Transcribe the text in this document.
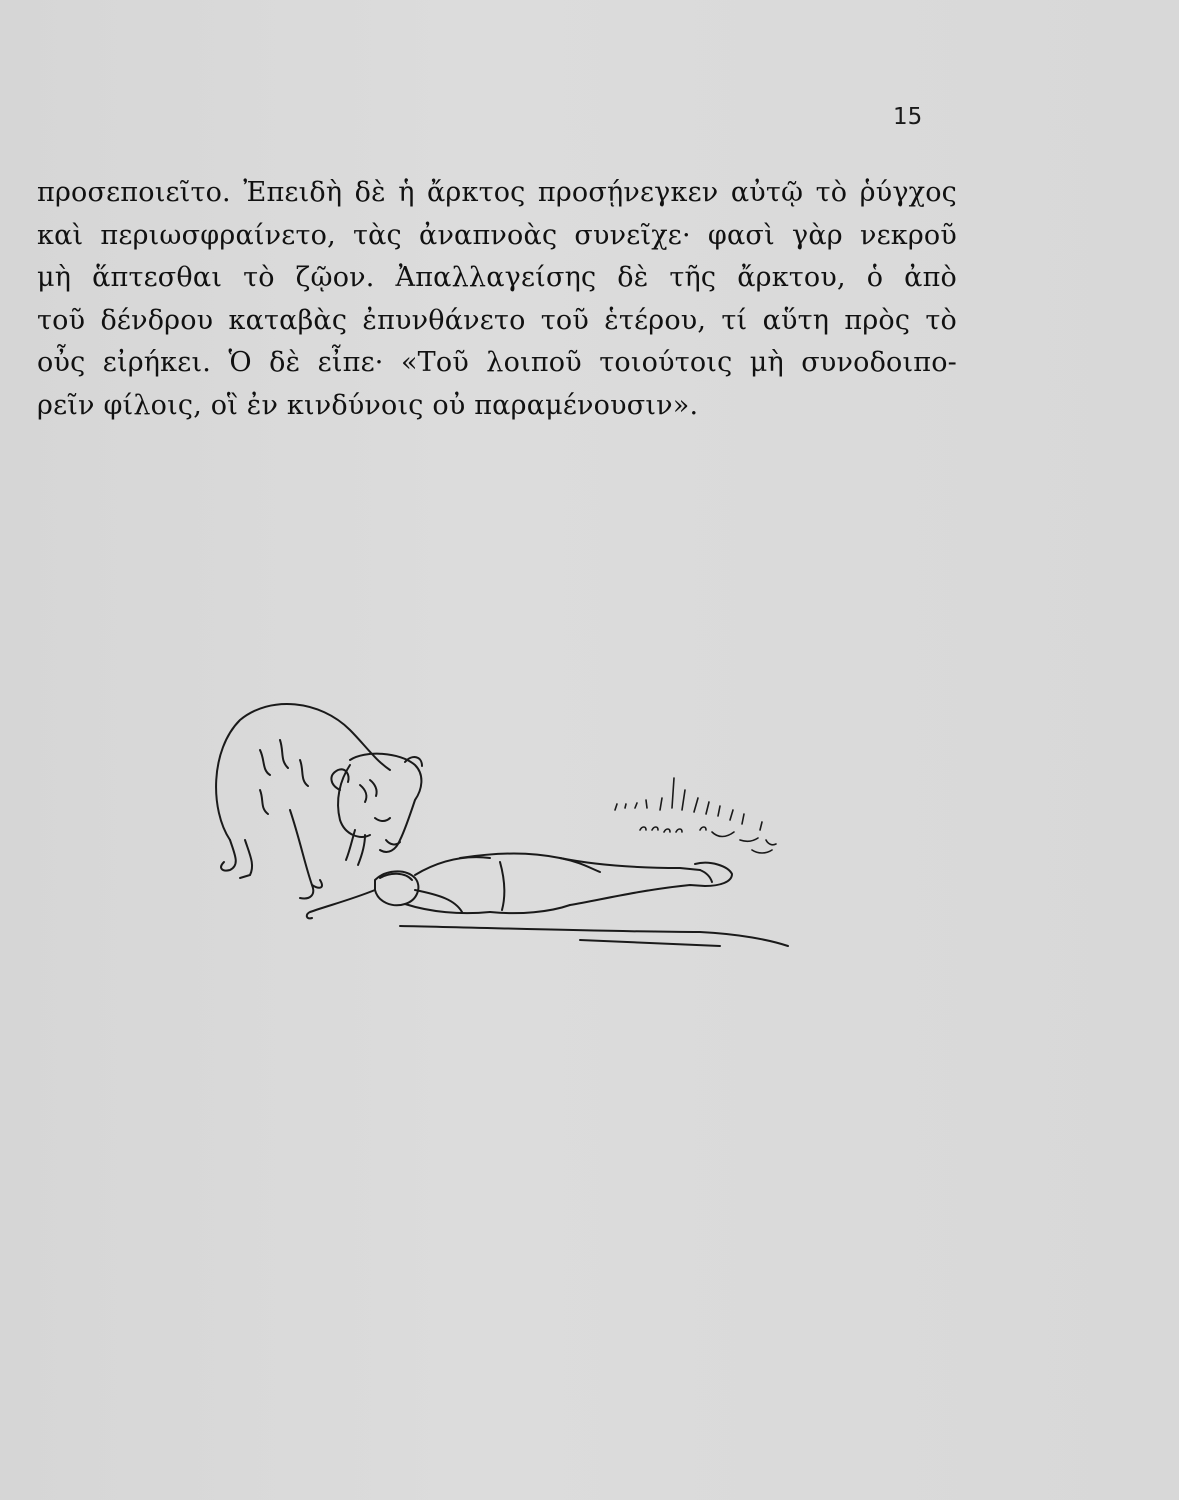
15
προσεποιεῖτο. Ἐπειδὴ δὲ ἡ ἄρκτος προσῄνεγκεν αὐτῷ τὸ ῥύγχος
καὶ περιωσφραίνετο, τὰς ἀναπνοὰς συνεῖχε· φασὶ γὰρ νεκροῦ
μὴ ἅπτεσθαι τὸ ζῷον. Ἀπαλλαγείσης δὲ τῆς ἄρκτου, ὁ ἀπὸ
τοῦ δένδρου καταβὰς ἐπυνθάνετο τοῦ ἑτέρου, τί αὕτη πρὸς τὸ
οὖς εἰρήκει. Ὁ δὲ εἶπε· «Τοῦ λοιποῦ τοιούτοις μὴ συνοδοιπο-
ρεῖν φίλοις, οἳ ἐν κινδύνοις οὐ παραμένουσιν».
